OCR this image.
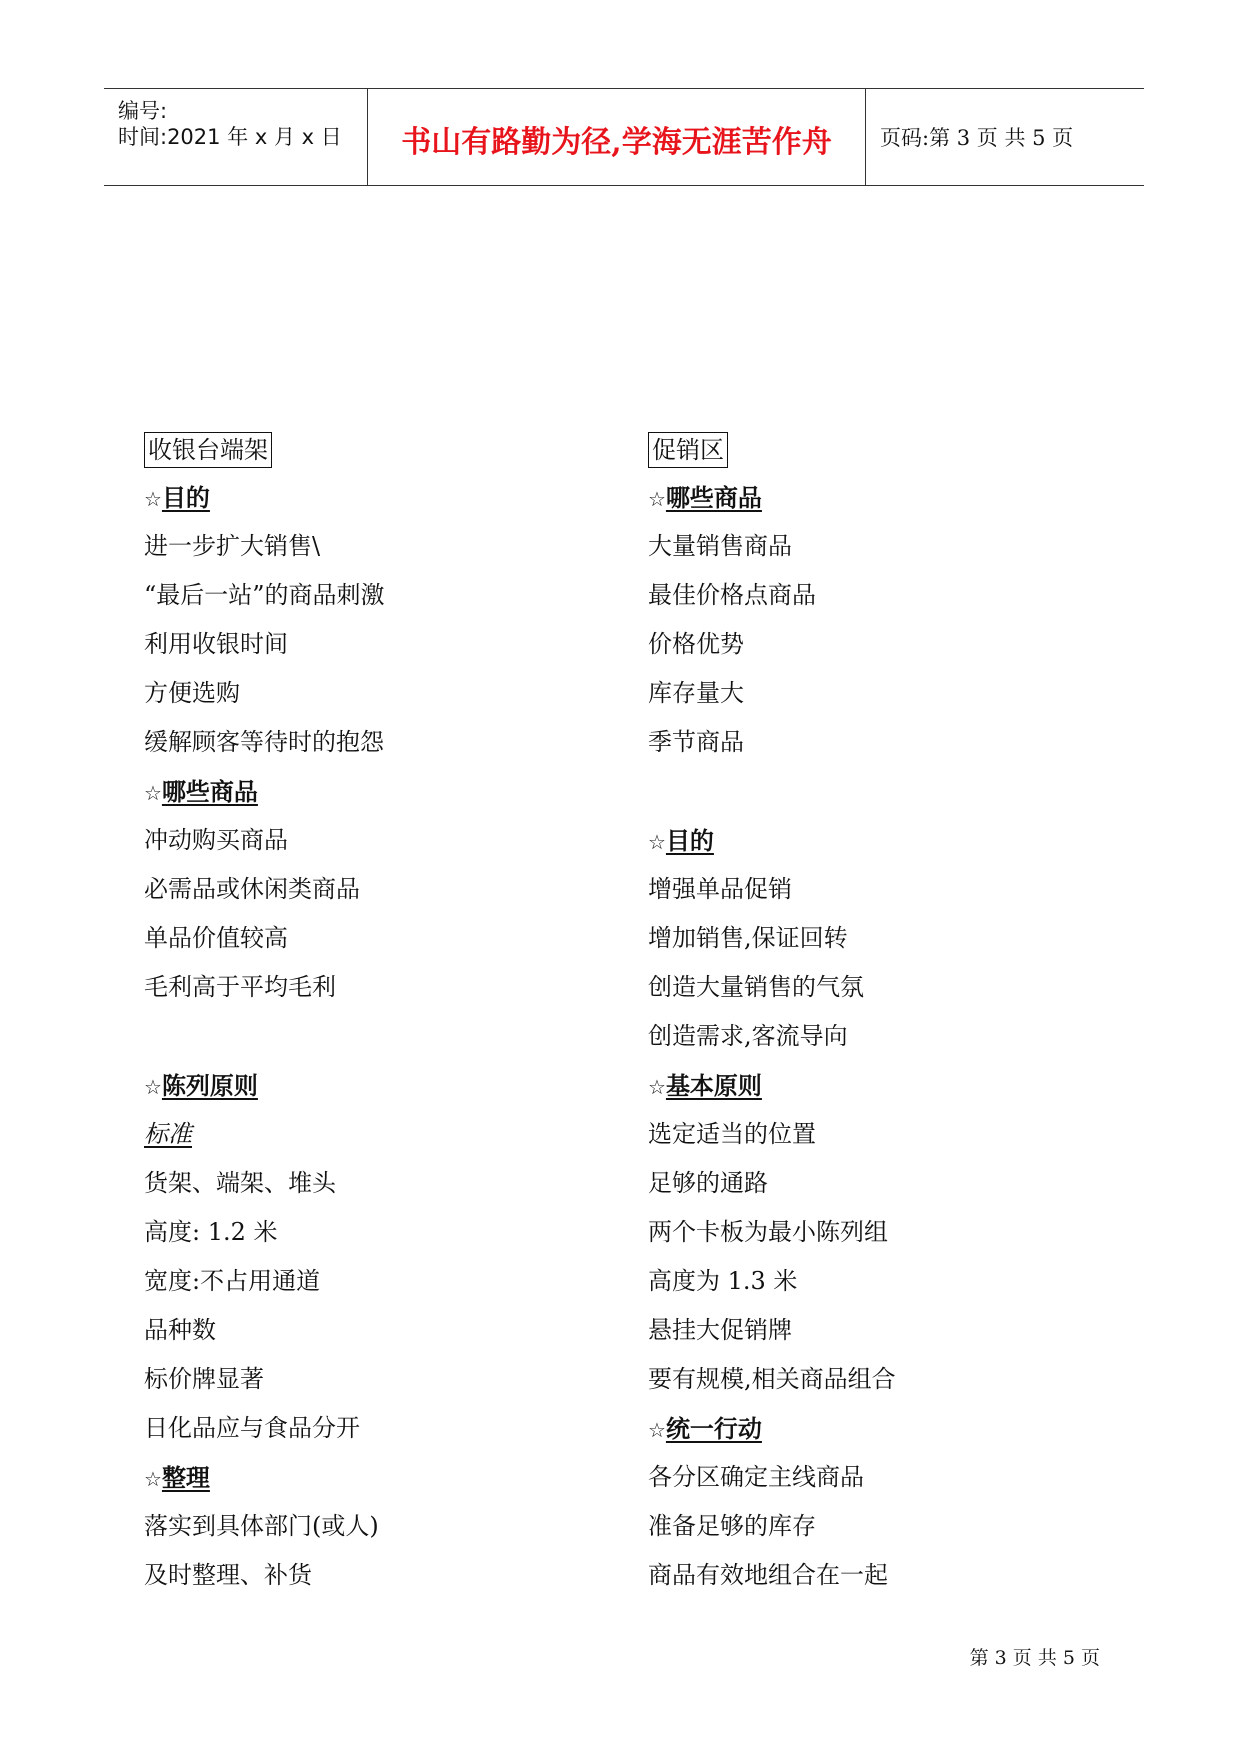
编号:
时间:2021 年 x 月 x 日	书山有路勤为径,学海无涯苦作舟	页码:第 3 页 共 5 页
收银台端架
☆目的
进一步扩大销售\
“最后一站”的商品刺激
利用收银时间
方便选购
缓解顾客等待时的抱怨
☆哪些商品
冲动购买商品
必需品或休闲类商品
单品价值较高
毛利高于平均毛利
☆陈列原则
标准
货架、端架、堆头
高度: 1.2 米
宽度:不占用通道
品种数
标价牌显著
日化品应与食品分开
☆整理
落实到具体部门(或人)
及时整理、补货
促销区
☆哪些商品
大量销售商品
最佳价格点商品
价格优势
库存量大
季节商品
☆目的
增强单品促销
增加销售,保证回转
创造大量销售的气氛
创造需求,客流导向
☆基本原则
选定适当的位置
足够的通路
两个卡板为最小陈列组
高度为 1.3 米
悬挂大促销牌
要有规模,相关商品组合
☆统一行动
各分区确定主线商品
准备足够的库存
商品有效地组合在一起
第 3 页 共 5 页
